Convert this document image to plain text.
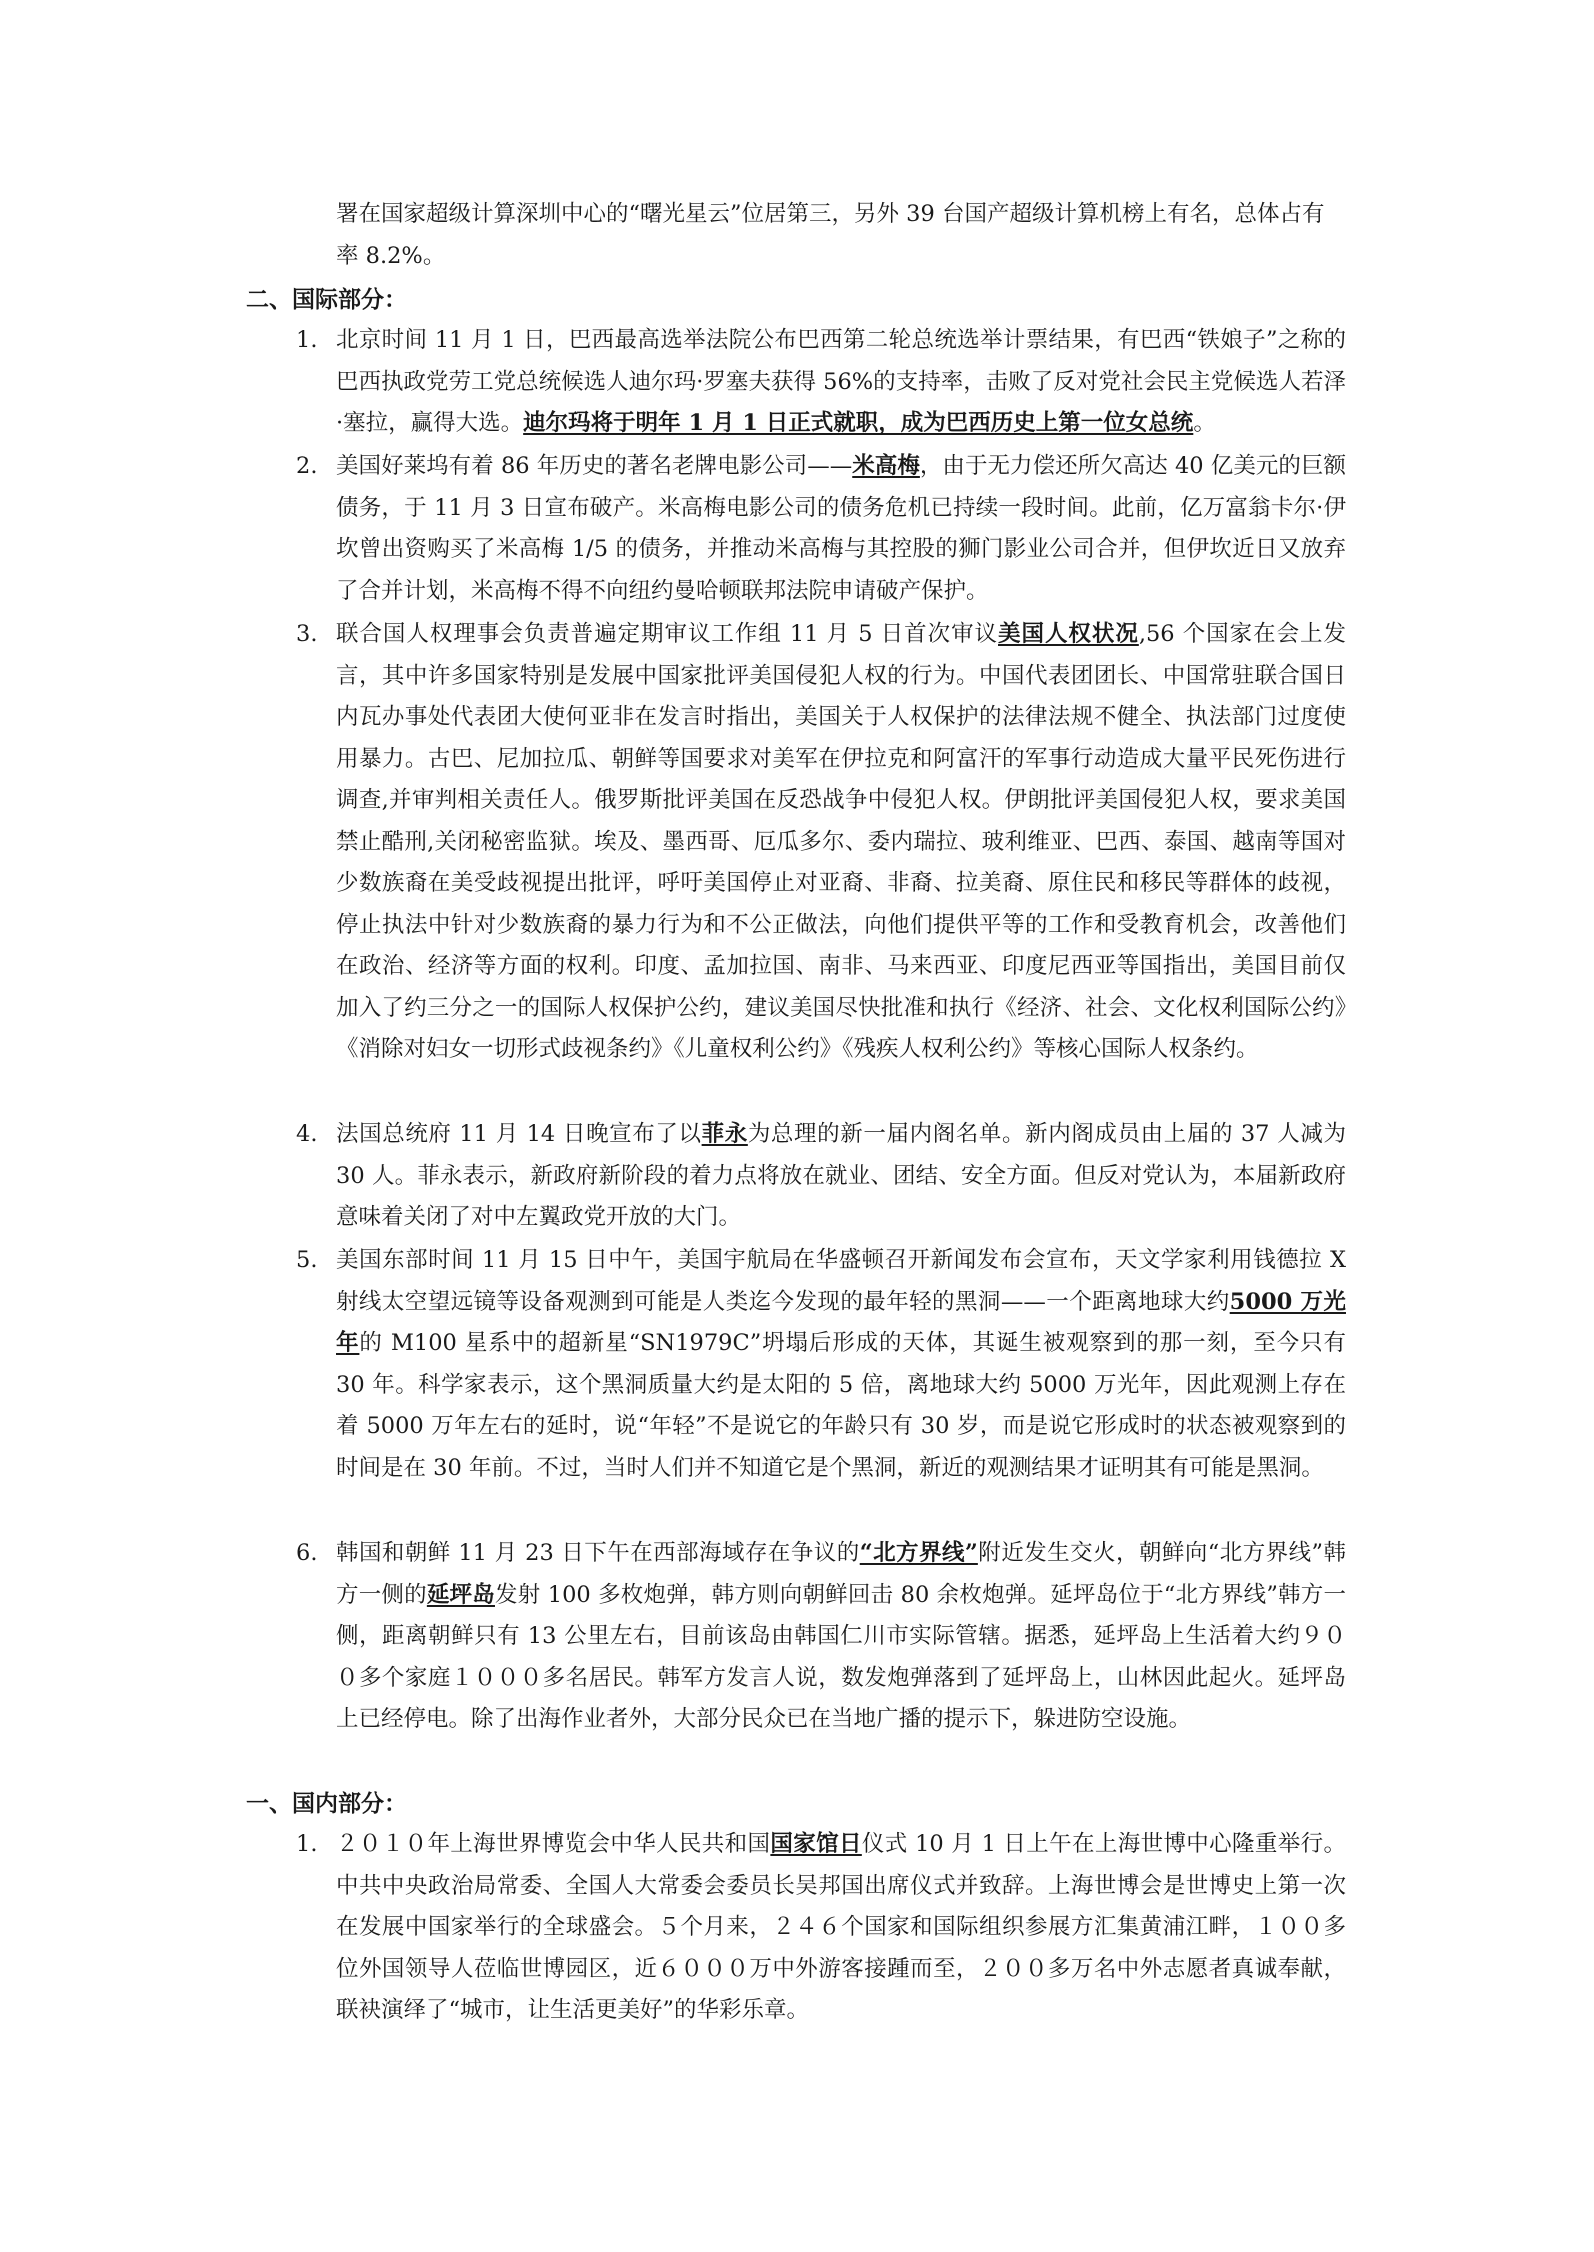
署在国家超级计算深圳中心的“曙光星云”位居第三，另外 39 台国产超级计算机榜上有名，总体占有率 8.2%。
二、国际部分：
1. 北京时间 11 月 1 日，巴西最高选举法院公布巴西第二轮总统选举计票结果，有巴西“铁娘子”之称的巴西执政党劳工党总统候选人迪尔玛·罗塞夫获得 56%的支持率，击败了反对党社会民主党候选人若泽·塞拉，赢得大选。迪尔玛将于明年 1 月 1 日正式就职，成为巴西历史上第一位女总统。
2. 美国好莱坞有着 86 年历史的著名老牌电影公司——米高梅，由于无力偿还所欠高达 40 亿美元的巨额债务，于 11 月 3 日宣布破产。米高梅电影公司的债务危机已持续一段时间。此前，亿万富翁卡尔·伊坎曾出资购买了米高梅 1/5 的债务，并推动米高梅与其控股的狮门影业公司合并，但伊坎近日又放弃了合并计划，米高梅不得不向纽约曼哈顿联邦法院申请破产保护。
3. 联合国人权理事会负责普遍定期审议工作组 11 月 5 日首次审议美国人权状况,56 个国家在会上发言，其中许多国家特别是发展中国家批评美国侵犯人权的行为。中国代表团团长、中国常驻联合国日内瓦办事处代表团大使何亚非在发言时指出，美国关于人权保护的法律法规不健全、执法部门过度使用暴力。古巴、尼加拉瓜、朝鲜等国要求对美军在伊拉克和阿富汗的军事行动造成大量平民死伤进行调查,并审判相关责任人。俄罗斯批评美国在反恐战争中侵犯人权。伊朗批评美国侵犯人权，要求美国禁止酷刑,关闭秘密监狱。埃及、墨西哥、厄瓜多尔、委内瑞拉、玻利维亚、巴西、泰国、越南等国对少数族裔在美受歧视提出批评，呼吁美国停止对亚裔、非裔、拉美裔、原住民和移民等群体的歧视，停止执法中针对少数族裔的暴力行为和不公正做法，向他们提供平等的工作和受教育机会，改善他们在政治、经济等方面的权利。印度、孟加拉国、南非、马来西亚、印度尼西亚等国指出，美国目前仅加入了约三分之一的国际人权保护公约，建议美国尽快批准和执行《经济、社会、文化权利国际公约》《消除对妇女一切形式歧视条约》《儿童权利公约》《残疾人权利公约》等核心国际人权条约。
4. 法国总统府 11 月 14 日晚宣布了以菲永为总理的新一届内阁名单。新内阁成员由上届的 37 人减为 30 人。菲永表示，新政府新阶段的着力点将放在就业、团结、安全方面。但反对党认为，本届新政府意味着关闭了对中左翼政党开放的大门。
5. 美国东部时间 11 月 15 日中午，美国宇航局在华盛顿召开新闻发布会宣布，天文学家利用钱德拉 X 射线太空望远镜等设备观测到可能是人类迄今发现的最年轻的黑洞——一个距离地球大约5000 万光年的 M100 星系中的超新星“SN1979C”坍塌后形成的天体，其诞生被观察到的那一刻，至今只有 30 年。科学家表示，这个黑洞质量大约是太阳的 5 倍，离地球大约 5000 万光年，因此观测上存在着 5000 万年左右的延时，说“年轻”不是说它的年龄只有 30 岁，而是说它形成时的状态被观察到的时间是在 30 年前。不过，当时人们并不知道它是个黑洞，新近的观测结果才证明其有可能是黑洞。
6. 韩国和朝鲜 11 月 23 日下午在西部海域存在争议的“北方界线”附近发生交火，朝鲜向“北方界线”韩方一侧的延坪岛发射 100 多枚炮弹，韩方则向朝鲜回击 80 余枚炮弹。延坪岛位于“北方界线”韩方一侧，距离朝鲜只有 13 公里左右，目前该岛由韩国仁川市实际管辖。据悉，延坪岛上生活着大约９００多个家庭１０００多名居民。韩军方发言人说，数发炮弹落到了延坪岛上，山林因此起火。延坪岛上已经停电。除了出海作业者外，大部分民众已在当地广播的提示下，躲进防空设施。
一、国内部分：
1. ２０１０年上海世界博览会中华人民共和国国家馆日仪式 10 月 1 日上午在上海世博中心隆重举行。中共中央政治局常委、全国人大常委会委员长吴邦国出席仪式并致辞。上海世博会是世博史上第一次在发展中国家举行的全球盛会。５个月来，２４６个国家和国际组织参展方汇集黄浦江畔，１００多位外国领导人莅临世博园区，近６０００万中外游客接踵而至，２００多万名中外志愿者真诚奉献，联袂演绎了“城市，让生活更美好”的华彩乐章。
